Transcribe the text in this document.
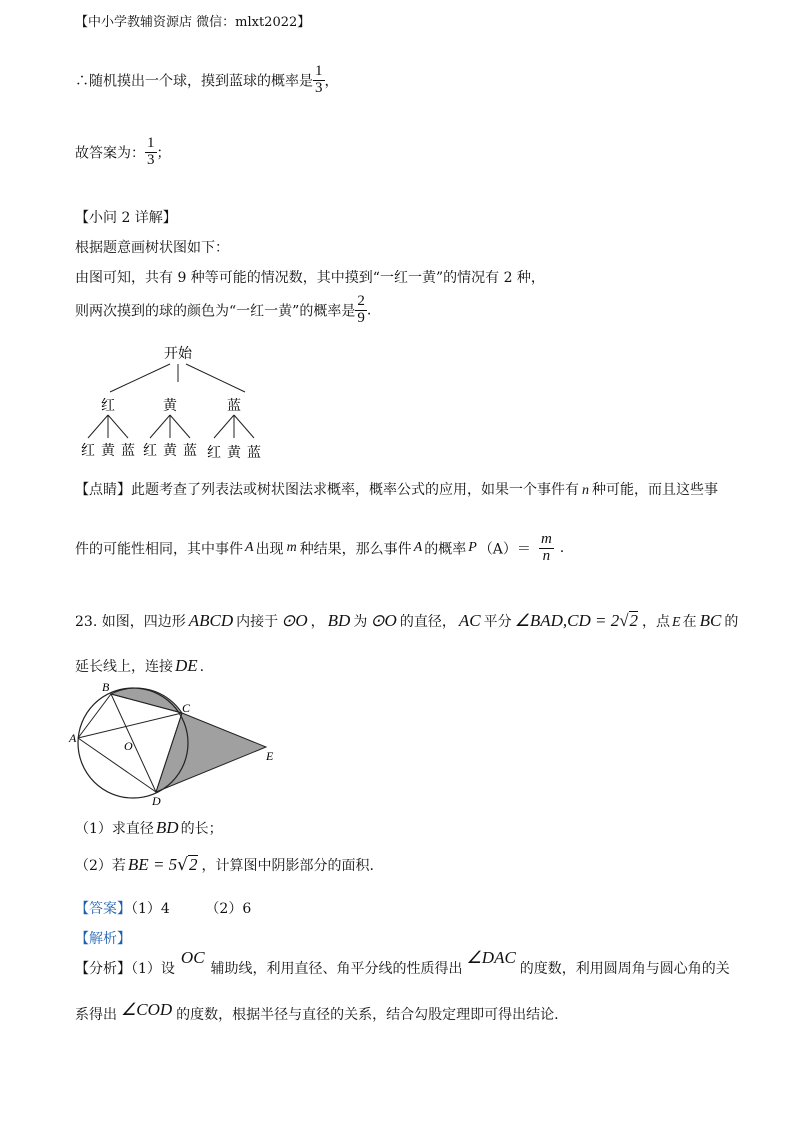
【中小学教辅资源店 微信：mlxt2022】
∴随机摸出一个球，摸到蓝球的概率是 $\frac{1}{3}$ ，
故答案为： $\frac{1}{3}$ ；
【小问 2 详解】
根据题意画树状图如下：
由图可知，共有 9 种等可能的情况数，其中摸到“一红一黄”的情况有 2 种，
则两次摸到的球的颜色为“一红一黄”的概率是 $\frac{2}{9}$ .
开始
红	黄	蓝
红 黄 蓝 红 黄 蓝 红 黄 蓝
【点睛】此题考查了列表法或树状图法求概率，概率公式的应用，如果一个事件有 n 种可能，而且这些事
件的可能性相同，其中事件 A 出现 m 种结果，那么事件 A 的概率 P $(A)= \frac{m}{n}$ .
23. 如图，四边形 ABCD 内接于 ⊙O ， BD 为 ⊙O 的直径， AC 平分 ∠BAD,CD = 2√2 ，点 E 在 BC 的
延长线上，连接 DE .
B
C
A
O
D
E
（1）求直径 BD 的长；
（2）若 BE = 5√2 ，计算图中阴影部分的面积.
【答案】（1）4        （2）6
【解析】
【分析】（1）设OC辅助线，利用直径、角平分线的性质得出∠DAC的度数，利用圆周角与圆心角的关
系得出 ∠COD 的度数，根据半径与直径的关系，结合勾股定理即可得出结论.
